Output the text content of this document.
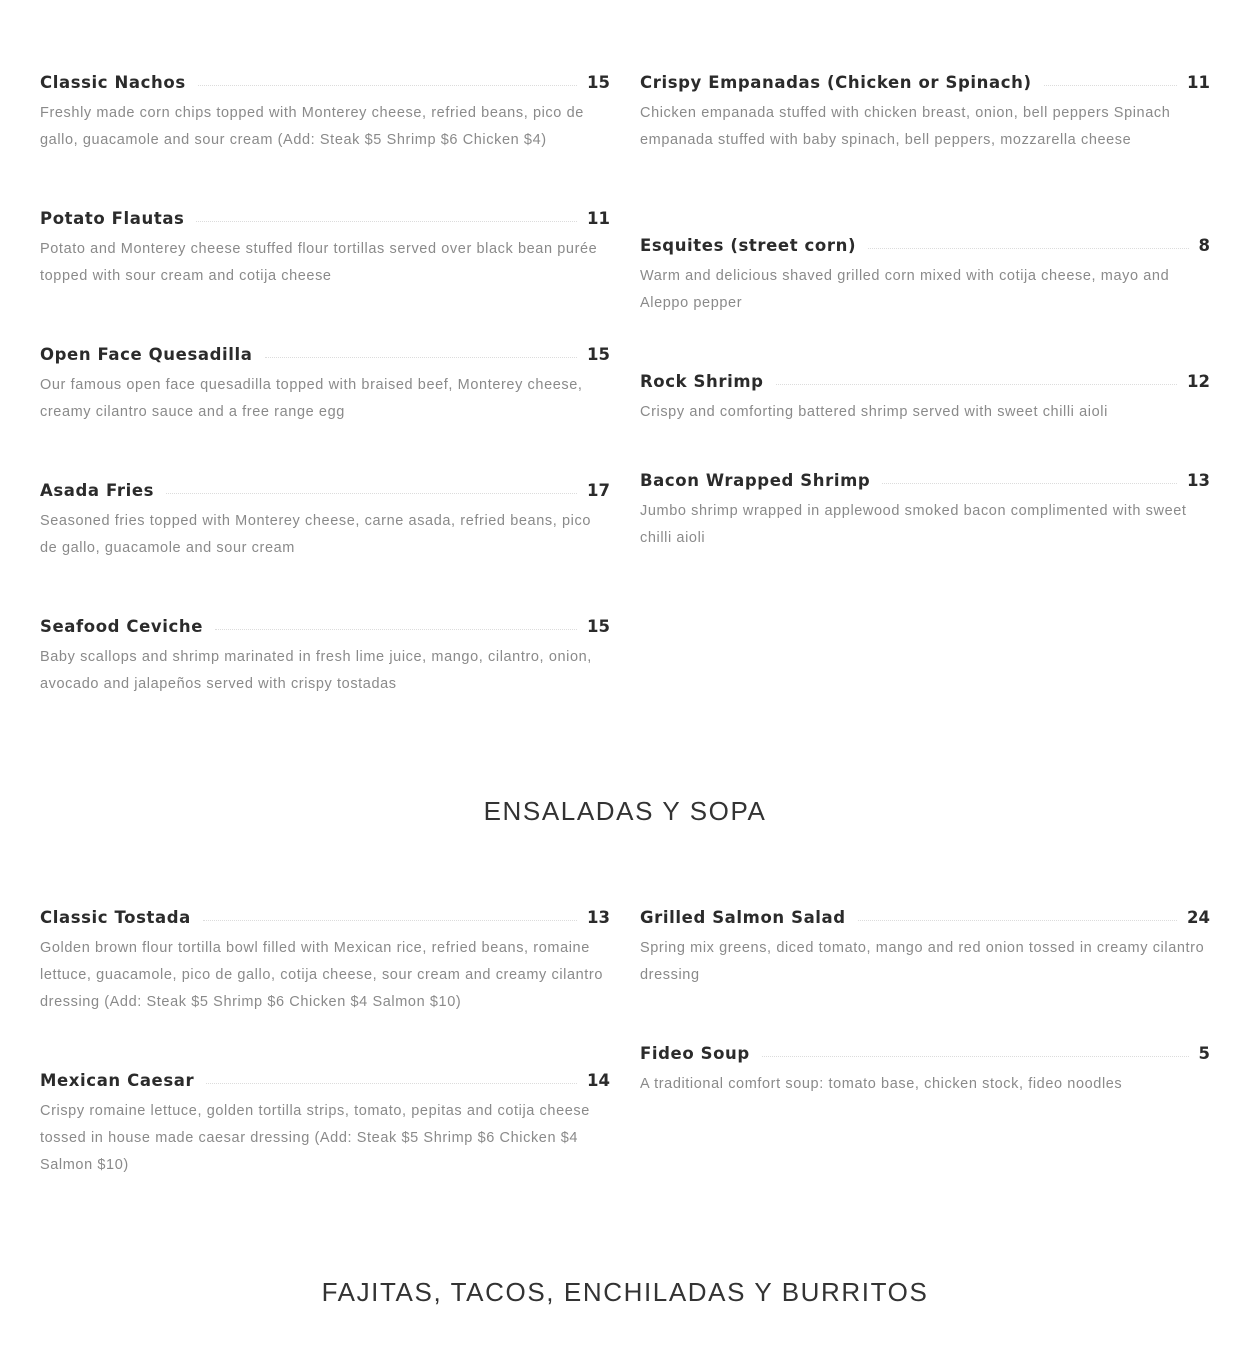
Classic Nachos	15
Freshly made corn chips topped with Monterey cheese, refried beans, pico de gallo, guacamole and sour cream (Add: Steak $5 Shrimp $6 Chicken $4)
Potato Flautas	11
Potato and Monterey cheese stuffed flour tortillas served over black bean purée topped with sour cream and cotija cheese
Open Face Quesadilla	15
Our famous open face quesadilla topped with braised beef, Monterey cheese, creamy cilantro sauce and a free range egg
Asada Fries	17
Seasoned fries topped with Monterey cheese, carne asada, refried beans, pico de gallo, guacamole and sour cream
Seafood Ceviche	15
Baby scallops and shrimp marinated in fresh lime juice, mango, cilantro, onion, avocado and jalapeños served with crispy tostadas
Crispy Empanadas (Chicken or Spinach)	11
Chicken empanada stuffed with chicken breast, onion, bell peppers Spinach empanada stuffed with baby spinach, bell peppers, mozzarella cheese
Esquites (street corn)	8
Warm and delicious shaved grilled corn mixed with cotija cheese, mayo and Aleppo pepper
Rock Shrimp	12
Crispy and comforting battered shrimp served with sweet chilli aioli
Bacon Wrapped Shrimp	13
Jumbo shrimp wrapped in applewood smoked bacon complimented with sweet chilli aioli
ENSALADAS Y SOPA
Classic Tostada	13
Golden brown flour tortilla bowl filled with Mexican rice, refried beans, romaine lettuce, guacamole, pico de gallo, cotija cheese, sour cream and creamy cilantro dressing (Add: Steak $5 Shrimp $6 Chicken $4 Salmon $10)
Mexican Caesar	14
Crispy romaine lettuce, golden tortilla strips, tomato, pepitas and cotija cheese tossed in house made caesar dressing (Add: Steak $5 Shrimp $6 Chicken $4 Salmon $10)
Grilled Salmon Salad	24
Spring mix greens, diced tomato, mango and red onion tossed in creamy cilantro dressing
Fideo Soup	5
A traditional comfort soup: tomato base, chicken stock, fideo noodles
FAJITAS, TACOS, ENCHILADAS Y BURRITOS
